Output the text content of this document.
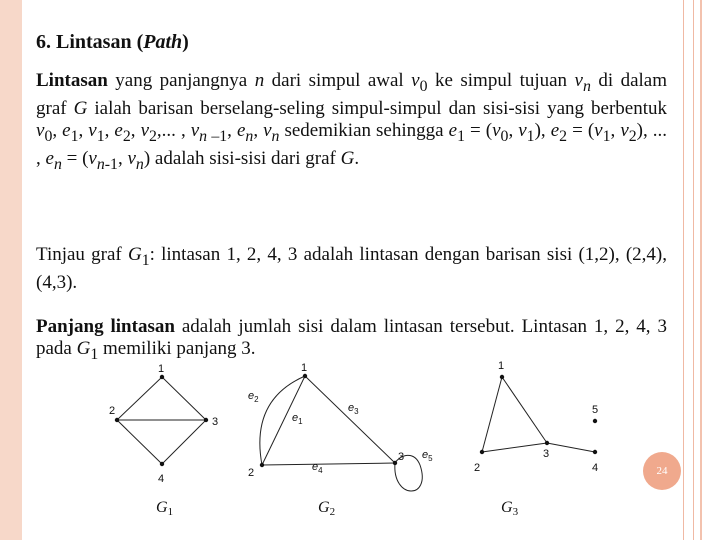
24
6. Lintasan (Path)

Lintasan yang panjangnya n dari simpul awal $v_0$ ke simpul tujuan $v_n$ di dalam graf G ialah barisan berselang-seling simpul-simpul dan sisi-sisi yang berbentuk $v_0$, $e_1$, $v_1$, $e_2$, $v_2$,... , $v_n$ $_{-1}$, $e_n$, $v_n$ sedemikian sehingga $e_1 = (v_0$, $v_1$), $e_2 = (v_1$, $v_2$), ... , $e_n = (v_{n-1}$, $v_n$) adalah sisi-sisi dari graf G.

Tinjau graf $G_1$: lintasan 1, 2, 4, 3 adalah lintasan dengan barisan sisi (1,2), (2,4), (4,3).

Panjang lintasan adalah jumlah sisi dalam lintasan tersebut. Lintasan 1, 2, 4, 3 pada $G_1$ memiliki panjang 3.

1
2
3
4
G1
1
2
3
$e_2$
$e_1$
$e_3$
$e_4$
$e_5$
G2
1
2
3
4
5
G3
